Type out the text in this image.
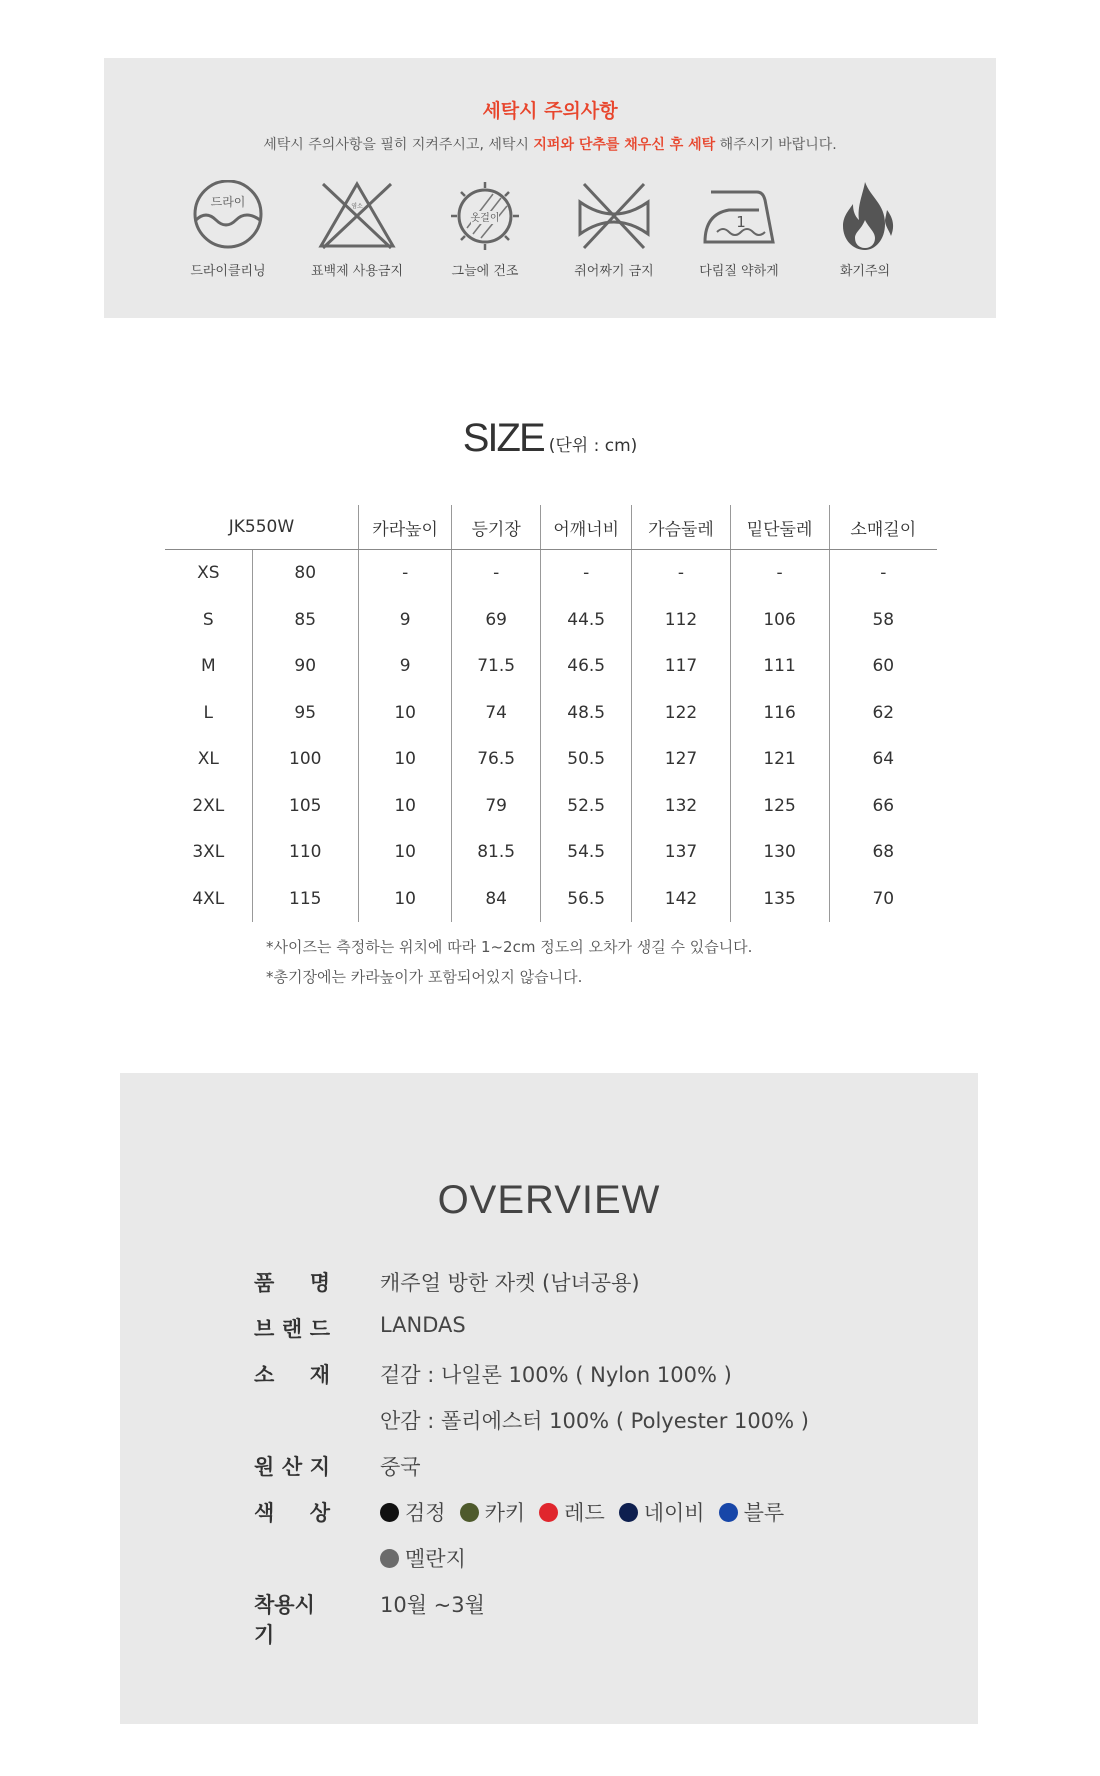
세탁시 주의사항
세탁시 주의사항을 필히 지켜주시고, 세탁시 지퍼와 단추를 채우신 후 세탁 해주시기 바랍니다.
드라이
드라이클리닝
염소
표백제 사용금지
옷걸이
그늘에 건조	쥐어짜기 금지
1
다림질 약하게	화기주의
SIZE (단위 : cm)
JK550W		카라높이	등기장	어깨너비	가슴둘레	밑단둘레	소매길이
XS	80	-	-	-	-	-	-
S	85	9	69	44.5	112	106	58
M	90	9	71.5	46.5	117	111	60
L	95	10	74	48.5	122	116	62
XL	100	10	76.5	50.5	127	121	64
2XL	105	10	79	52.5	132	125	66
3XL	110	10	81.5	54.5	137	130	68
4XL	115	10	84	56.5	142	135	70
*사이즈는 측정하는 위치에 따라 1~2cm 정도의 오차가 생길 수 있습니다.
*총기장에는 카라높이가 포함되어있지 않습니다.
OVERVIEW
품 명 캐주얼 방한 자켓 (남녀공용)
브 랜 드 LANDAS
소 재 겉감 : 나일론 100% ( Nylon 100% )
안감 : 폴리에스터 100% ( Polyester 100% )
원 산 지 중국
색 상	검정 카키 레드 네이비 블루
멜란지
착용시기
10월 ~3월
